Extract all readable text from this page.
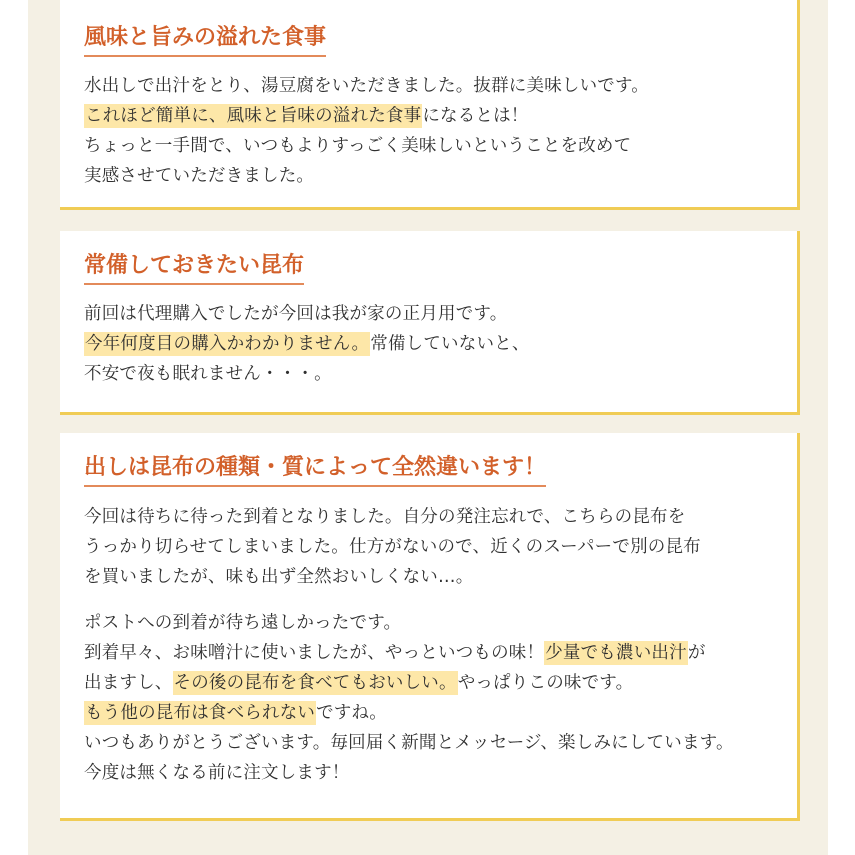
風味と旨みの溢れた食事
水出しで出汁をとり、湯豆腐をいただきました。抜群に美味しいです。
これほど簡単に、風味と旨味の溢れた食事になるとは！
ちょっと一手間で、いつもよりすっごく美味しいということを改めて
実感させていただきました。
常備しておきたい昆布
前回は代理購入でしたが今回は我が家の正月用です。
今年何度目の購入かわかりません。常備していないと、
不安で夜も眠れません・・・。
出しは昆布の種類・質によって全然違います！
今回は待ちに待った到着となりました。自分の発注忘れで、こちらの昆布を
うっかり切らせてしまいました。仕方がないので、近くのスーパーで別の昆布
を買いましたが、味も出ず全然おいしくない…。
ポストへの到着が待ち遠しかったです。
到着早々、お味噌汁に使いましたが、やっといつもの味！少量でも濃い出汁が
出ますし、その後の昆布を食べてもおいしい。やっぱりこの味です。
もう他の昆布は食べられないですね。
いつもありがとうございます。毎回届く新聞とメッセージ、楽しみにしています。
今度は無くなる前に注文します！
